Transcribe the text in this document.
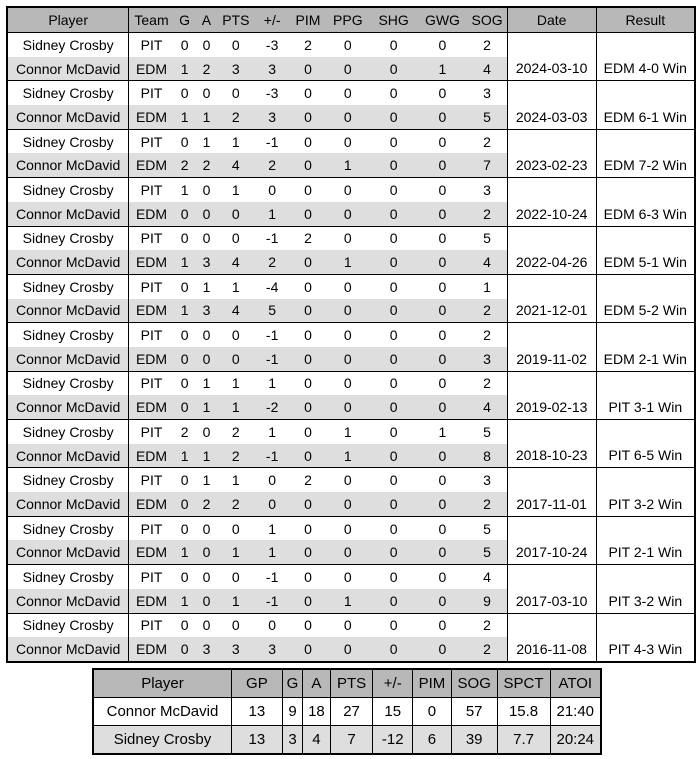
Player	Team	G	A	PTS	+/-	PIM	PPG	SHG	GWG	SOG	Date	Result
Sidney Crosby	PIT	0	0	0	-3	2	0	0	0	2	2024-03-10	EDM 4-0 Win
Connor McDavid	EDM	1	2	3	3	0	0	0	1	4		
Sidney Crosby	PIT	0	0	0	-3	0	0	0	0	3	2024-03-03	EDM 6-1 Win
Connor McDavid	EDM	1	1	2	3	0	0	0	0	5		
Sidney Crosby	PIT	0	1	1	-1	0	0	0	0	2	2023-02-23	EDM 7-2 Win
Connor McDavid	EDM	2	2	4	2	0	1	0	0	7		
Sidney Crosby	PIT	1	0	1	0	0	0	0	0	3	2022-10-24	EDM 6-3 Win
Connor McDavid	EDM	0	0	0	1	0	0	0	0	2		
Sidney Crosby	PIT	0	0	0	-1	2	0	0	0	5	2022-04-26	EDM 5-1 Win
Connor McDavid	EDM	1	3	4	2	0	1	0	0	4		
Sidney Crosby	PIT	0	1	1	-4	0	0	0	0	1	2021-12-01	EDM 5-2 Win
Connor McDavid	EDM	1	3	4	5	0	0	0	0	2		
Sidney Crosby	PIT	0	0	0	-1	0	0	0	0	2	2019-11-02	EDM 2-1 Win
Connor McDavid	EDM	0	0	0	-1	0	0	0	0	3		
Sidney Crosby	PIT	0	1	1	1	0	0	0	0	2	2019-02-13	PIT 3-1 Win
Connor McDavid	EDM	0	1	1	-2	0	0	0	0	4		
Sidney Crosby	PIT	2	0	2	1	0	1	0	1	5	2018-10-23	PIT 6-5 Win
Connor McDavid	EDM	1	1	2	-1	0	1	0	0	8		
Sidney Crosby	PIT	0	1	1	0	2	0	0	0	3	2017-11-01	PIT 3-2 Win
Connor McDavid	EDM	0	2	2	0	0	0	0	0	2		
Sidney Crosby	PIT	0	0	0	1	0	0	0	0	5	2017-10-24	PIT 2-1 Win
Connor McDavid	EDM	1	0	1	1	0	0	0	0	5		
Sidney Crosby	PIT	0	0	0	-1	0	0	0	0	4	2017-03-10	PIT 3-2 Win
Connor McDavid	EDM	1	0	1	-1	0	1	0	0	9		
Sidney Crosby	PIT	0	0	0	0	0	0	0	0	2	2016-11-08	PIT 4-3 Win
Connor McDavid	EDM	0	3	3	3	0	0	0	0	2		
Player	GP	G	A	PTS	+/-	PIM	SOG	SPCT	ATOI
Connor McDavid	13	9	18	27	15	0	57	15.8	21:40
Sidney Crosby	13	3	4	7	-12	6	39	7.7	20:24
